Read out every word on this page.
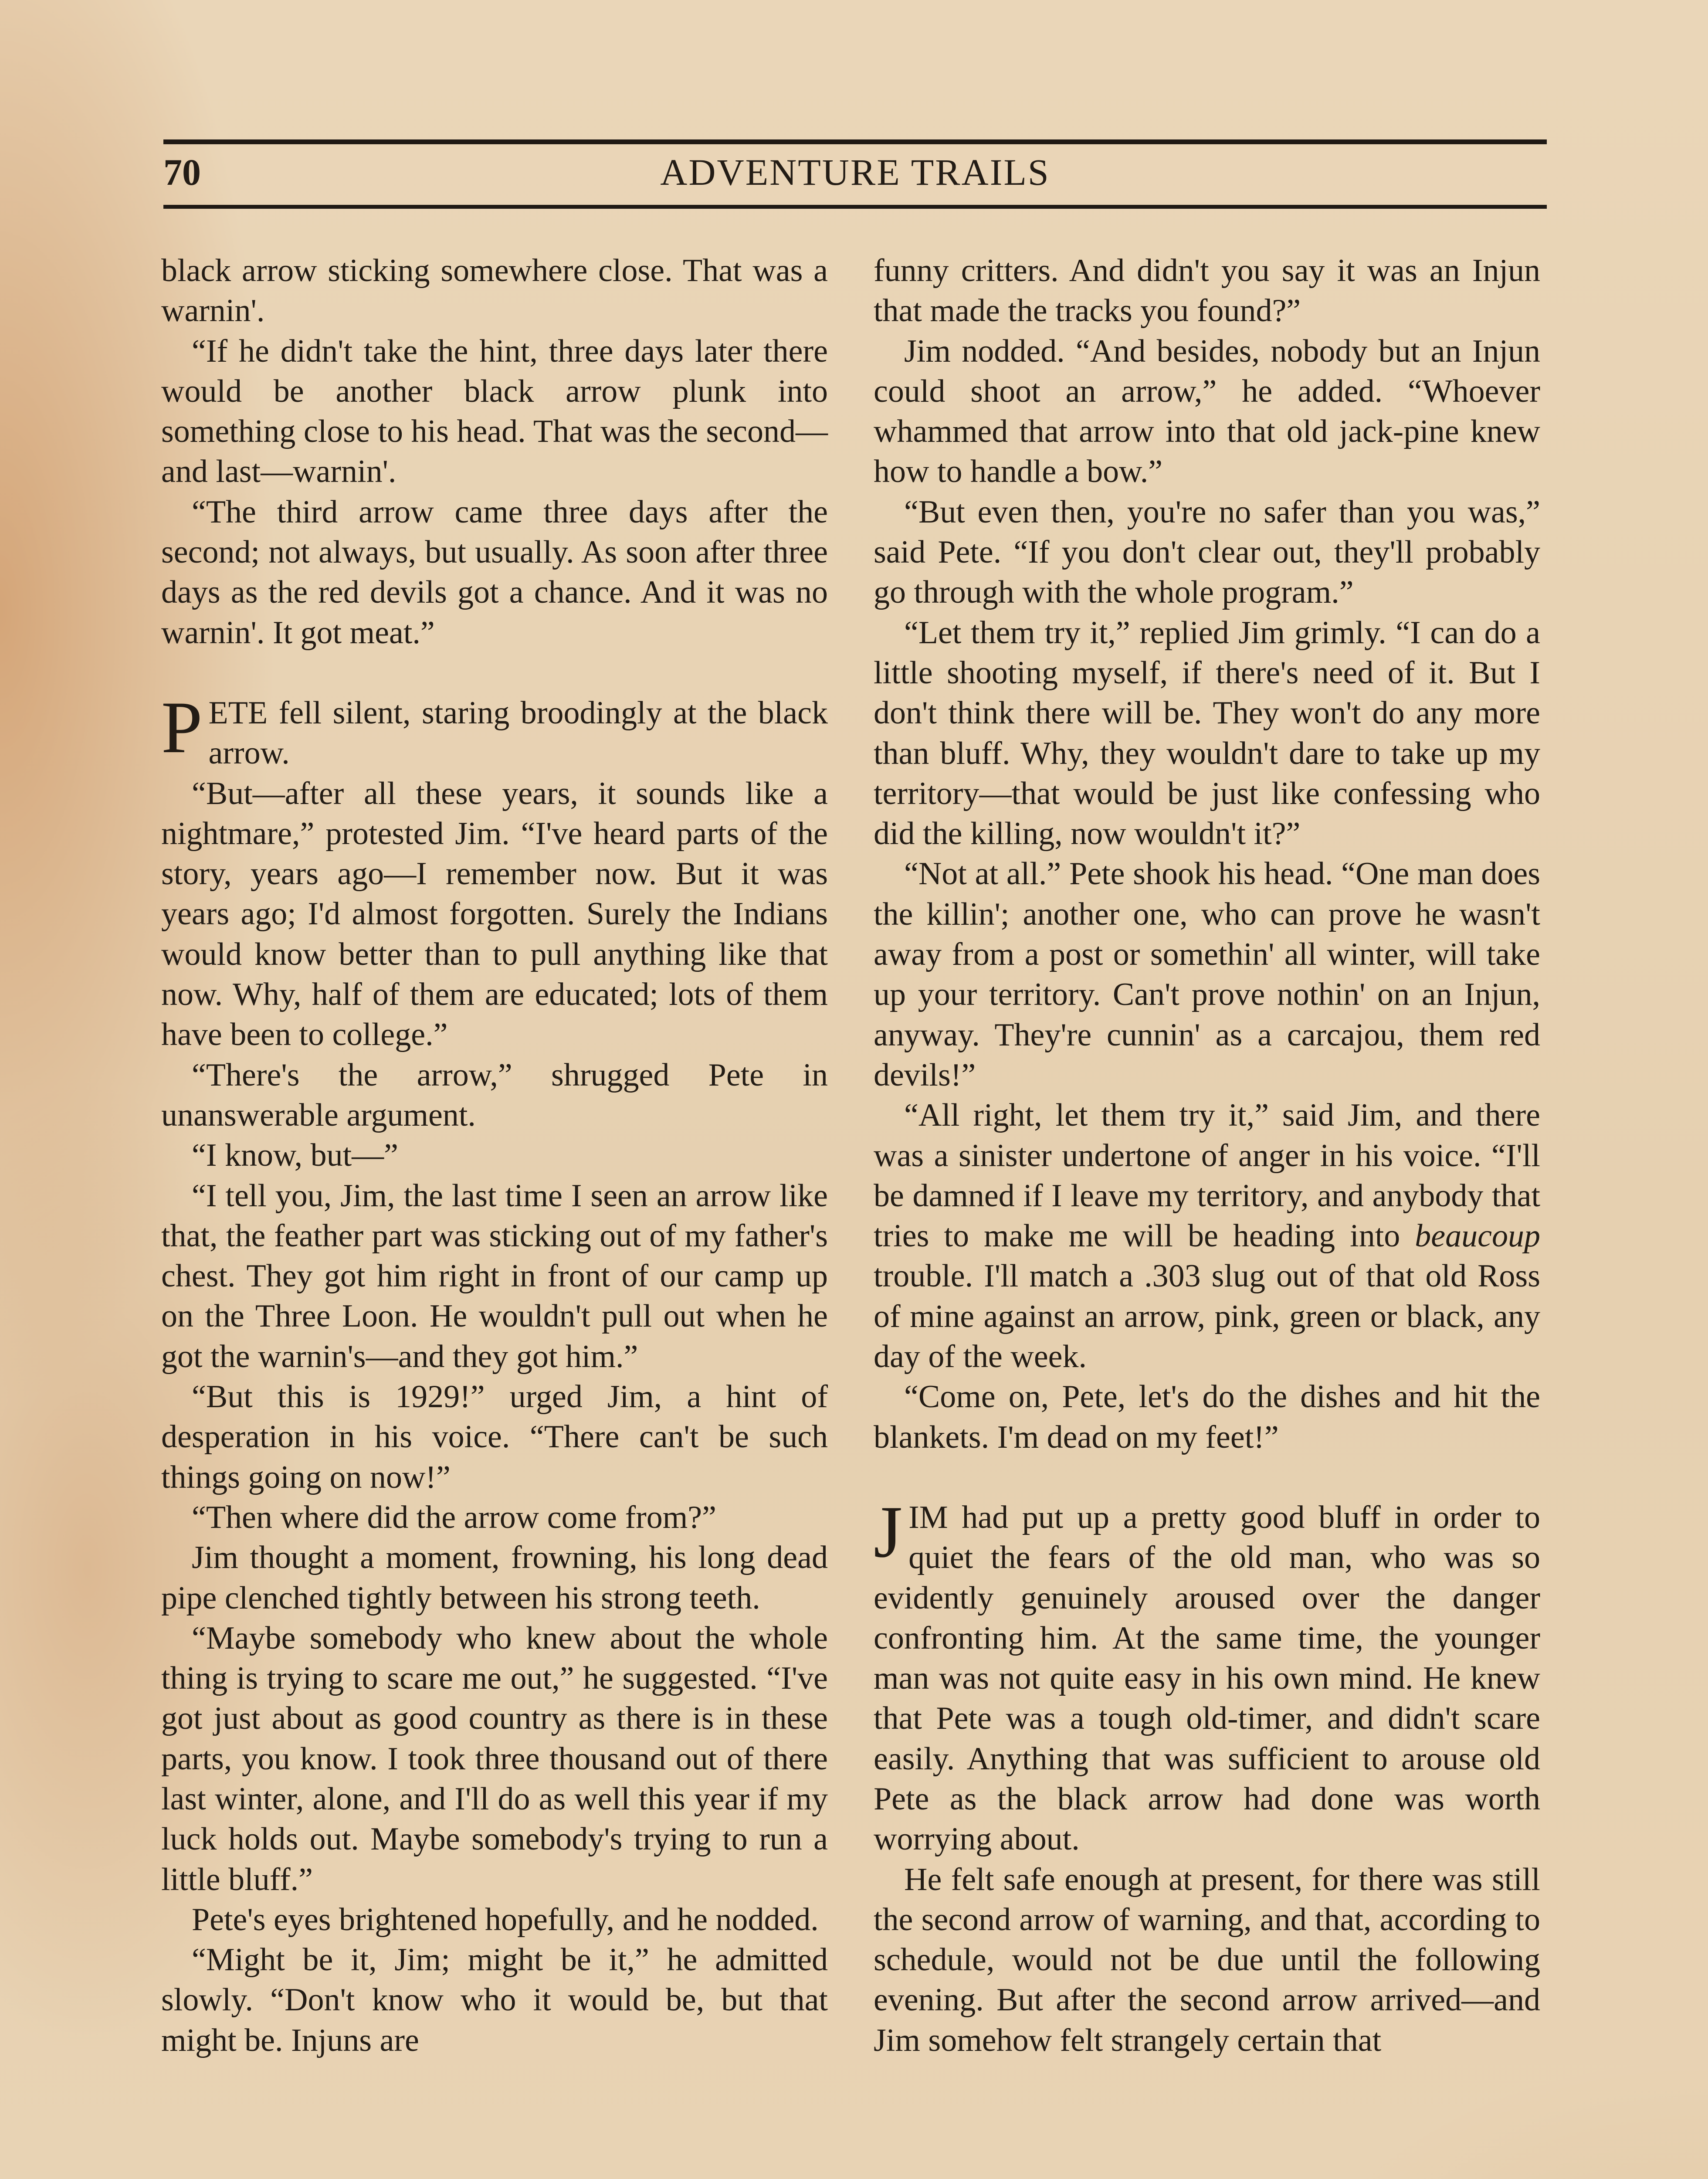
70	ADVENTURE TRAILS

black arrow sticking somewhere close. That was a warnin'.

“If he didn't take the hint, three days later there would be another black arrow plunk into something close to his head. That was the second—and last—warnin'.

“The third arrow came three days after the second; not always, but usually. As soon after three days as the red devils got a chance. And it was no warnin'. It got meat.”

PETE fell silent, staring broodingly at the black arrow.

“But—after all these years, it sounds like a nightmare,” protested Jim. “I've heard parts of the story, years ago—I remember now. But it was years ago; I'd almost forgotten. Surely the Indians would know better than to pull anything like that now. Why, half of them are educated; lots of them have been to college.”

“There's the arrow,” shrugged Pete in unanswerable argument.

“I know, but—”

“I tell you, Jim, the last time I seen an arrow like that, the feather part was sticking out of my father's chest. They got him right in front of our camp up on the Three Loon. He wouldn't pull out when he got the warnin's—and they got him.”

“But this is 1929!” urged Jim, a hint of desperation in his voice. “There can't be such things going on now!”

“Then where did the arrow come from?”

Jim thought a moment, frowning, his long dead pipe clenched tightly between his strong teeth.

“Maybe somebody who knew about the whole thing is trying to scare me out,” he suggested. “I've got just about as good country as there is in these parts, you know. I took three thousand out of there last winter, alone, and I'll do as well this year if my luck holds out. Maybe somebody's trying to run a little bluff.”

Pete's eyes brightened hopefully, and he nodded.

“Might be it, Jim; might be it,” he admitted slowly. “Don't know who it would be, but that might be. Injuns are

funny critters. And didn't you say it was an Injun that made the tracks you found?”

Jim nodded. “And besides, nobody but an Injun could shoot an arrow,” he added. “Whoever whammed that arrow into that old jack-pine knew how to handle a bow.”

“But even then, you're no safer than you was,” said Pete. “If you don't clear out, they'll probably go through with the whole program.”

“Let them try it,” replied Jim grimly. “I can do a little shooting myself, if there's need of it. But I don't think there will be. They won't do any more than bluff. Why, they wouldn't dare to take up my territory—that would be just like confessing who did the killing, now wouldn't it?”

“Not at all.” Pete shook his head. “One man does the killin'; another one, who can prove he wasn't away from a post or somethin' all winter, will take up your territory. Can't prove nothin' on an Injun, anyway. They're cunnin' as a carcajou, them red devils!”

“All right, let them try it,” said Jim, and there was a sinister undertone of anger in his voice. “I'll be damned if I leave my territory, and anybody that tries to make me will be heading into beaucoup trouble. I'll match a .303 slug out of that old Ross of mine against an arrow, pink, green or black, any day of the week.

“Come on, Pete, let's do the dishes and hit the blankets. I'm dead on my feet!”

JIM had put up a pretty good bluff in order to quiet the fears of the old man, who was so evidently genuinely aroused over the danger confronting him. At the same time, the younger man was not quite easy in his own mind. He knew that Pete was a tough old-timer, and didn't scare easily. Anything that was sufficient to arouse old Pete as the black arrow had done was worth worrying about.

He felt safe enough at present, for there was still the second arrow of warning, and that, according to schedule, would not be due until the following evening. But after the second arrow arrived—and Jim somehow felt strangely certain that
